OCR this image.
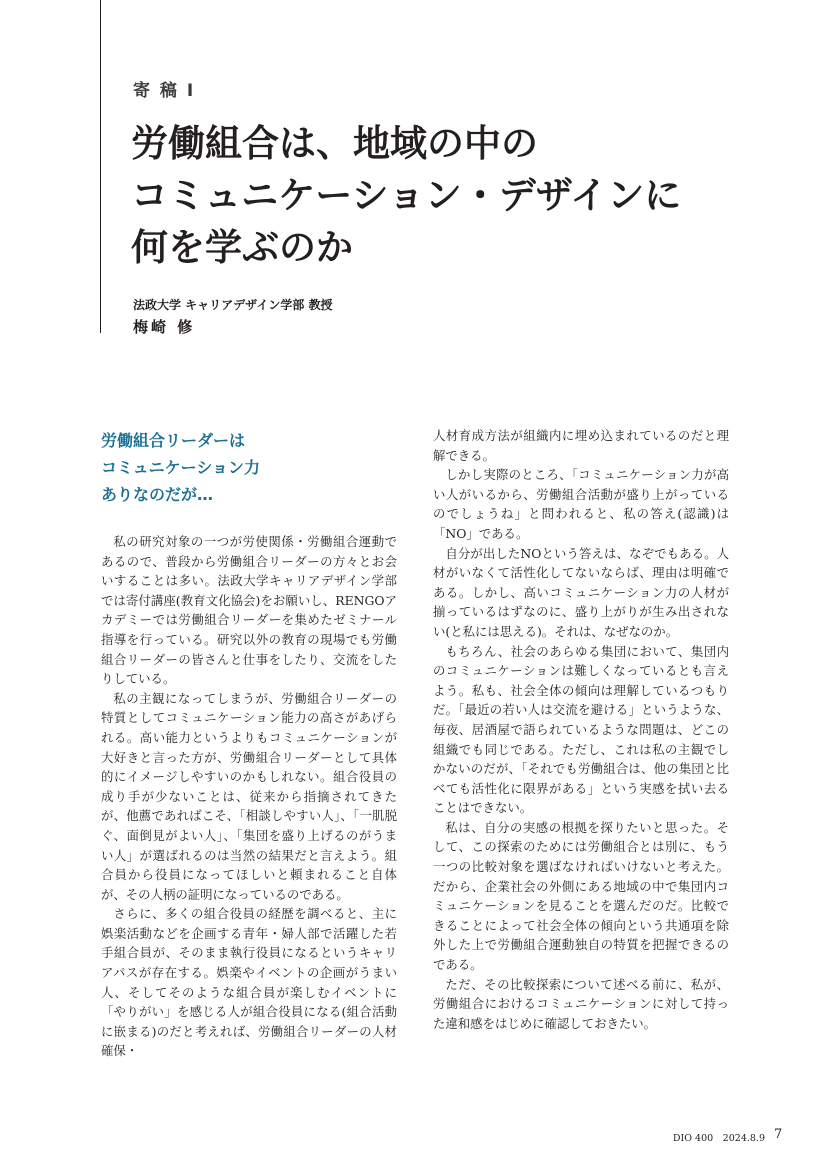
寄 稿 Ⅰ
労働組合は、地域の中の
コミュニケーション・デザインに
何を学ぶのか
法政大学 キャリアデザイン学部 教授
梅崎 修
労働組合リーダーは
コミュニケーション力
ありなのだが…

私の研究対象の一つが労使関係・労働組合運動であるので、普段から労働組合リーダーの方々とお会いすることは多い。法政大学キャリアデザイン学部では寄付講座(教育文化協会)をお願いし、RENGOアカデミーでは労働組合リーダーを集めたゼミナール指導を行っている。研究以外の教育の現場でも労働組合リーダーの皆さんと仕事をしたり、交流をしたりしている。

私の主観になってしまうが、労働組合リーダーの特質としてコミュニケーション能力の高さがあげられる。高い能力というよりもコミュニケーションが大好きと言った方が、労働組合リーダーとして具体的にイメージしやすいのかもしれない。組合役員の成り手が少ないことは、従来から指摘されてきたが、他薦であればこそ、「相談しやすい人」、「一肌脱ぐ、面倒見がよい人」、「集団を盛り上げるのがうまい人」が選ばれるのは当然の結果だと言えよう。組合員から役員になってほしいと頼まれること自体が、その人柄の証明になっているのである。

さらに、多くの組合役員の経歴を調べると、主に娯楽活動などを企画する青年・婦人部で活躍した若手組合員が、そのまま執行役員になるというキャリアパスが存在する。娯楽やイベントの企画がうまい人、そしてそのような組合員が楽しむイベントに「やりがい」を感じる人が組合役員になる(組合活動に嵌まる)のだと考えれば、労働組合リーダーの人材確保・

人材育成方法が組織内に埋め込まれているのだと理解できる。

しかし実際のところ、「コミュニケーション力が高い人がいるから、労働組合活動が盛り上がっているのでしょうね」と問われると、私の答え(認識)は「NO」である。

自分が出したNOという答えは、なぞでもある。人材がいなくて活性化してないならば、理由は明確である。しかし、高いコミュニケーション力の人材が揃っているはずなのに、盛り上がりが生み出されない(と私には思える)。それは、なぜなのか。

もちろん、社会のあらゆる集団において、集団内のコミュニケーションは難しくなっているとも言えよう。私も、社会全体の傾向は理解しているつもりだ。「最近の若い人は交流を避ける」というような、毎夜、居酒屋で語られているような問題は、どこの組織でも同じである。ただし、これは私の主観でしかないのだが、「それでも労働組合は、他の集団と比べても活性化に限界がある」という実感を拭い去ることはできない。

私は、自分の実感の根拠を探りたいと思った。そして、この探索のためには労働組合とは別に、もう一つの比較対象を選ばなければいけないと考えた。だから、企業社会の外側にある地域の中で集団内コミュニケーションを見ることを選んだのだ。比較できることによって社会全体の傾向という共通項を除外した上で労働組合運動独自の特質を把握できるのである。

ただ、その比較探索について述べる前に、私が、労働組合におけるコミュニケーションに対して持った違和感をはじめに確認しておきたい。

DIO 400　2024.8.9 7
